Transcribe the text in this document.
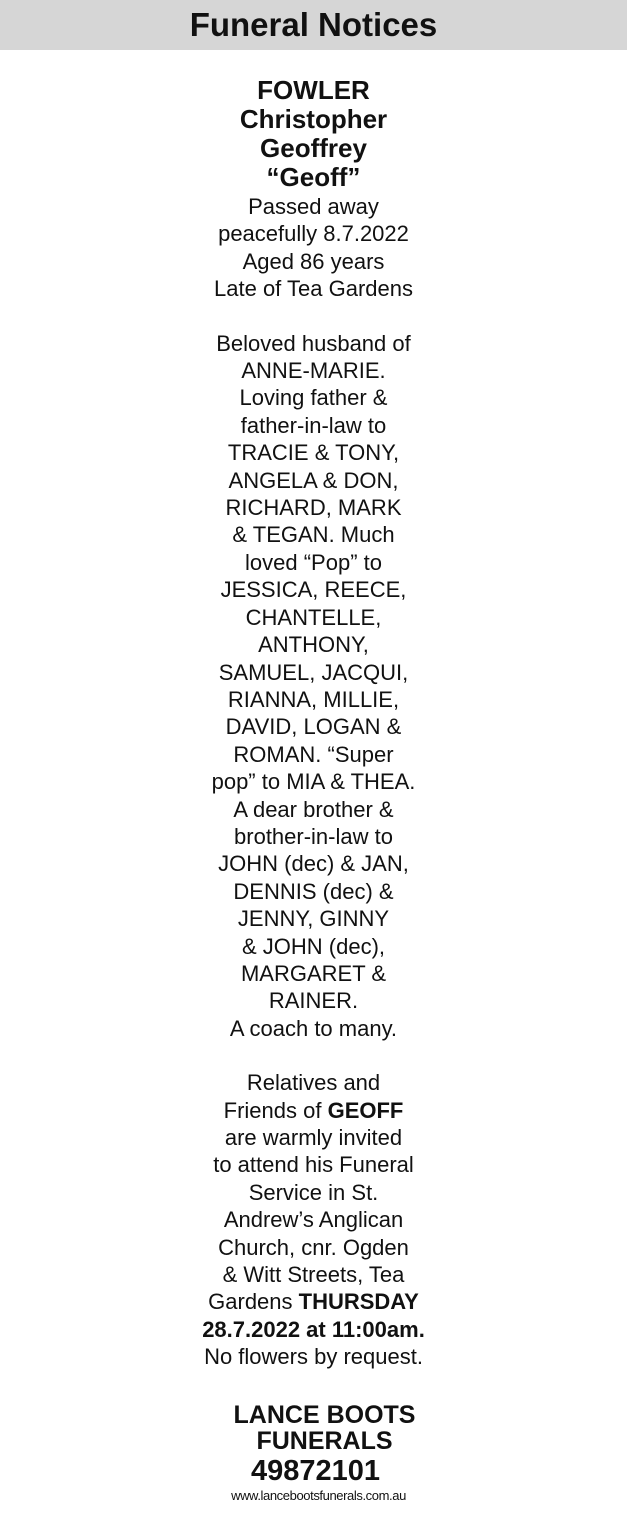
Funeral Notices
FOWLER
Christopher
Geoffrey
“Geoff”
Passed away
peacefully 8.7.2022
Aged 86 years
Late of Tea Gardens
Beloved husband of
ANNE-MARIE.
Loving father &
father-in-law to
TRACIE & TONY,
ANGELA & DON,
RICHARD, MARK
& TEGAN. Much
loved “Pop” to
JESSICA, REECE,
CHANTELLE,
ANTHONY,
SAMUEL, JACQUI,
RIANNA, MILLIE,
DAVID, LOGAN &
ROMAN. “Super
pop” to MIA & THEA.
A dear brother &
brother-in-law to
JOHN (dec) & JAN,
DENNIS (dec) &
JENNY, GINNY
& JOHN (dec),
MARGARET &
RAINER.
A coach to many.
Relatives and
Friends of GEOFF
are warmly invited
to attend his Funeral
Service in St.
Andrew’s Anglican
Church, cnr. Ogden
& Witt Streets, Tea
Gardens THURSDAY
28.7.2022 at 11:00am.
No flowers by request.
LANCE BOOTS
FUNERALS
49872101
www.lancebootsfunerals.com.au
